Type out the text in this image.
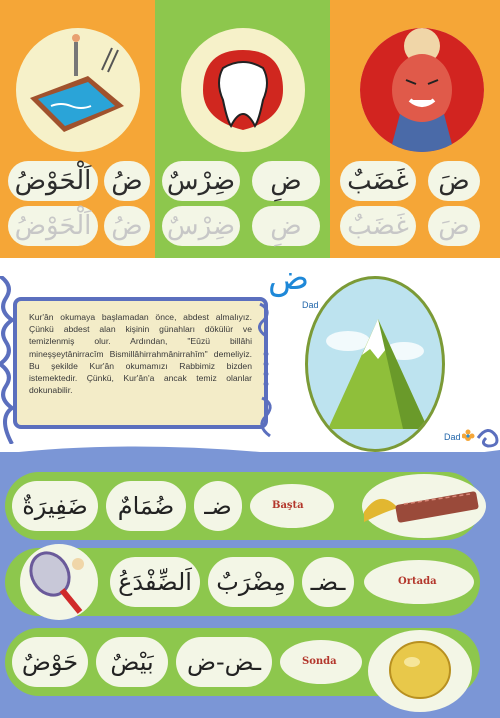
اَلْحَوْضُ ضُ
اَلْحَوْضُ ضُ
ضِرْسٌ	ضِ
ضِرْسٌ	ضِ
غَضَبٌ	ضَ
غَضَبٌ	ضَ
ض
Dad
Kur'ân okumaya başlamadan önce, abdest almalıyız. Çünkü abdest alan kişinin günahları dökülür ve temizlenmiş olur. Ardından, "Eûzü billâhi mineşşeytânirracîm Bismillâhirrahmânirrahîm" demeliyiz. Bu şekilde Kur'ân okumamızı Rabbimiz bizden istemektedir. Çünkü, Kur'ân'a ancak temiz olanlar dokunabilir.
Dad
ضَفِيرَةٌ	ضُمَامٌ	ضـ	Başta
اَلضِّفْدَعُ	مِضْرَبٌ	ـضـ	Ortada
حَوْضٌ	بَيْضٌ	ـض-ض	Sonda
